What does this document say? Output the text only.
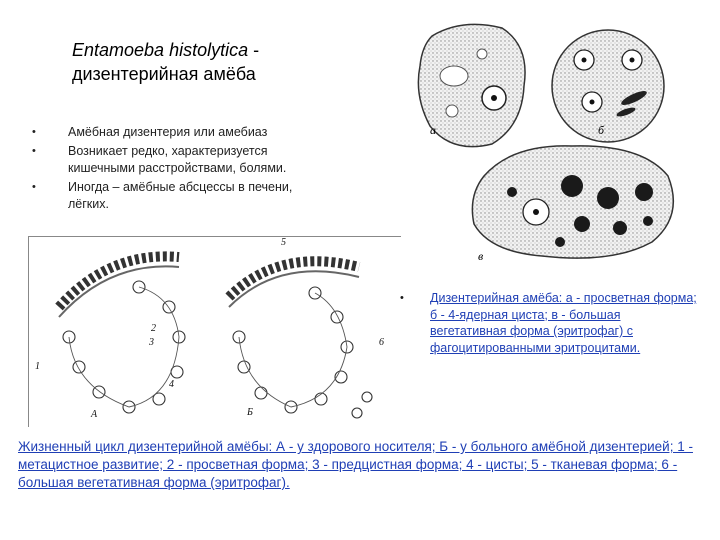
Entamoeba histolytica -
дизентерийная амёба
• Амёбная дизентерия или амебиаз
• Возникает редко, характеризуется кишечными расстройствами, болями.
• Иногда – амёбные абсцессы в печени, лёгких.
а	б
в
А	Б
1
2
3
4
5
6
• Дизентерийная амёба: а - просветная форма; б - 4-ядерная циста; в - большая вегетативная форма (эритрофаг) с фагоцитированными эритроцитами.
Жизненный цикл дизентерийной амёбы: А - у здорового носителя; Б - у больного амёбной дизентерией; 1 - метацистное развитие; 2 - просветная форма; 3 - предцистная форма; 4 - цисты; 5 - тканевая форма; 6 - большая вегетативная форма (эритрофаг).
